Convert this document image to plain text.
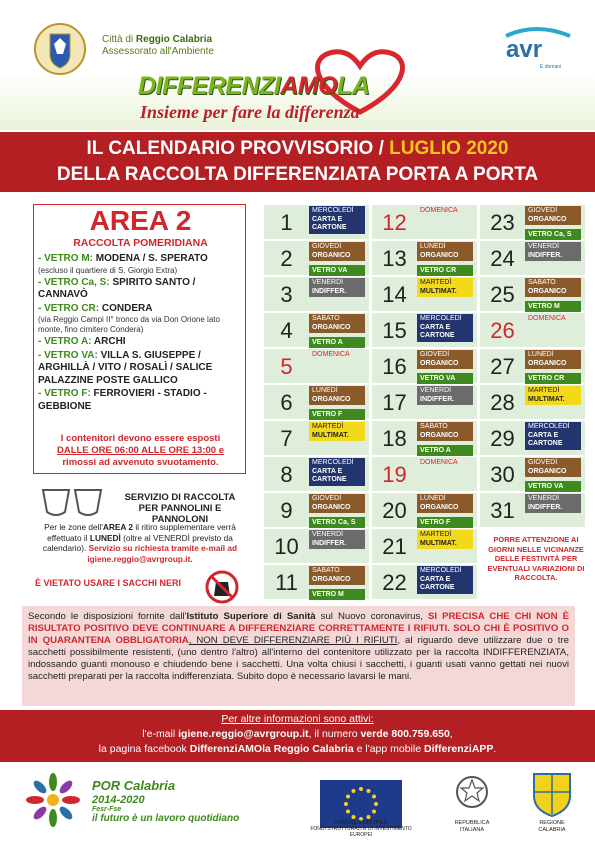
Città di Reggio Calabria
Assessorato all'Ambiente	avr
E domani
DIFFERENZIAMOLA
Insieme per fare la differenza
IL CALENDARIO PROVVISORIO / LUGLIO 2020
DELLA RACCOLTA DIFFERENZIATA PORTA A PORTA
AREA 2
RACCOLTA POMERIDIANA
- VETRO M: MODENA / S. SPERATO
(escluso il quartiere di S. Giorgio Extra)
- VETRO Ca, S: SPIRITO SANTO / CANNAVÒ
- VETRO CR: CONDERA
(via Reggio Campi II° tronco da via Don Orione lato monte, fino cimitero Condera)
- VETRO A: ARCHI
- VETRO VA: VILLA S. GIUSEPPE / ARGHILLÀ / VITO / ROSALÌ / SALICE PALAZZINE POSTE GALLICO
- VETRO F: FERROVIERI - STADIO - GEBBIONE
I contenitori devono essere esposti
DALLE ORE 06:00 ALLE ORE 13:00 e
rimossi ad avvenuto svuotamento.
SERVIZIO DI RACCOLTA PER PANNOLINI E PANNOLONI
Per le zone dell'AREA 2 il ritiro supplementare verrà effettuato il LUNEDÌ (oltre al VENERDÌ previsto da calendario). Servizio su richiesta tramite e-mail ad igiene.reggio@avrgroup.it.
È VIETATO USARE I SACCHI NERI
1	MERCOLEDÌ
CARTA E
CARTONE
2	GIOVEDÌ
ORGANICO
VETRO VA
3	VENERDÌ
INDIFFER.
4	SABATO
ORGANICO
VETRO A
5	DOMENICA
6	LUNEDÌ
ORGANICO
VETRO F
7	MARTEDÌ
MULTIMAT.
8	MERCOLEDÌ
CARTA E
CARTONE
9	GIOVEDÌ
ORGANICO
VETRO Ca, S
10	VENERDÌ
INDIFFER.
11	SABATO
ORGANICO
VETRO M
12	DOMENICA
13	LUNEDÌ
ORGANICO
VETRO CR
14	MARTEDÌ
MULTIMAT.
15	MERCOLEDÌ
CARTA E
CARTONE
16	GIOVEDÌ
ORGANICO
VETRO VA
17	VENERDÌ
INDIFFER.
18	SABATO
ORGANICO
VETRO A
19	DOMENICA
20	LUNEDÌ
ORGANICO
VETRO F
21	MARTEDÌ
MULTIMAT.
22	MERCOLEDÌ
CARTA E
CARTONE
23	GIOVEDÌ
ORGANICO
VETRO Ca, S
24	VENERDÌ
INDIFFER.
25	SABATO
ORGANICO
VETRO M
26	DOMENICA
27	LUNEDÌ
ORGANICO
VETRO CR
28	MARTEDÌ
MULTIMAT.
29	MERCOLEDÌ
CARTA E
CARTONE
30	GIOVEDÌ
ORGANICO
VETRO VA
31	VENERDÌ
INDIFFER.
PORRE ATTENZIONE AI GIORNI NELLE VICINANZE DELLE FESTIVITÀ PER EVENTUALI VARIAZIONI DI RACCOLTA.
Secondo le disposizioni fornite dall'Istituto Superiore di Sanità sul Nuovo coronavirus, SI PRECISA CHE CHI NON È RISULTATO POSITIVO DEVE CONTINUARE A DIFFERENZIARE CORRETTAMENTE I RIFIUTI. SOLO CHI È POSITIVO O IN QUARANTENA OBBLIGATORIA, NON DEVE DIFFERENZIARE PIÙ I RIFIUTI, al riguardo deve utilizzare due o tre sacchetti possibilmente resistenti, (uno dentro l'altro) all'interno del contenitore utilizzato per la raccolta INDIFFERENZIATA, indossando guanti monouso e chiudendo bene i sacchetti. Una volta chiusi i sacchetti, i guanti usati vanno gettati nei nuovi sacchetti preparati per la raccolta indifferenziata. Subito dopo è necessario lavarsi le mani.

Per altre informazioni sono attivi:

l'e-mail igiene.reggio@avrgroup.it, il numero verde 800.759.650,

la pagina facebook DifferenziAMOla Reggio Calabria e l'app mobile DifferenziAPP.

POR Calabria
2014-2020
Fesr-Fse
il futuro è un lavoro quotidiano	UNIONE EUROPEA
FONDI STRUTTURALI E DI INVESTIMENTO EUROPEI
REPUBBLICA
ITALIANA
REGIONE
CALABRIA
